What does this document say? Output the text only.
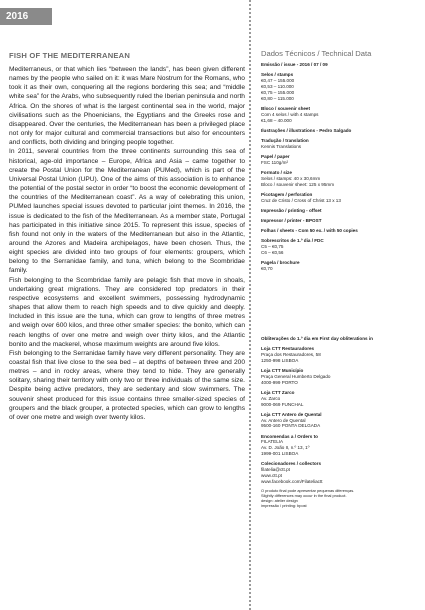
2016
FISH OF THE MEDITERRANEAN

Mediterraneus, or that which lies “between the lands”, has been given different names by the people who sailed on it: it was Mare Nostrum for the Romans, who took it as their own, conquering all the regions bordering this sea; and “middle white sea” for the Arabs, who subsequently ruled the Iberian peninsula and north Africa. On the shores of what is the largest continental sea in the world, major civilisations such as the Phoenicians, the Egyptians and the Greeks rose and disappeared. Over the centuries, the Mediterranean has been a privileged place not only for major cultural and commercial transactions but also for encounters and conflicts, both dividing and bringing people together.

In 2011, several countries from the three continents surrounding this sea of historical, age-old importance – Europe, Africa and Asia – came together to create the Postal Union for the Mediterranean (PUMed), which is part of the Universal Postal Union (UPU). One of the aims of this association is to enhance the potential of the postal sector in order “to boost the economic development of the countries of the Mediterranean coast”. As a way of celebrating this union, PUMed launches special issues devoted to particular joint themes. In 2016, the issue is dedicated to the fish of the Mediterranean. As a member state, Portugal has participated in this initiative since 2015. To represent this issue, species of fish found not only in the waters of the Mediterranean but also in the Atlantic, around the Azores and Madeira archipelagos, have been chosen. Thus, the eight species are divided into two groups of four elements: groupers, which belong to the Serranidae family, and tuna, which belong to the Scombridae family.

Fish belonging to the Scombridae family are pelagic fish that move in shoals, undertaking great migrations. They are considered top predators in their respective ecosystems and excellent swimmers, possessing hydrodynamic shapes that allow them to reach high speeds and to dive quickly and deeply. Included in this issue are the tuna, which can grow to lengths of three metres and weigh over 600 kilos, and three other smaller species: the bonito, which can reach lengths of over one metre and weigh over thirty kilos, and the Atlantic bonito and the mackerel, whose maximum weights are around five kilos.

Fish belonging to the Serranidae family have very different personality. They are coastal fish that live close to the sea bed – at depths of between three and 200 metres – and in rocky areas, where they tend to hide. They are generally solitary, sharing their territory with only two or three individuals of the same size. Despite being active predators, they are sedentary and slow swimmers. The souvenir sheet produced for this issue contains three smaller-sized species of groupers and the black grouper, a protected species, which can grow to lengths of over one metre and weigh over twenty kilos.

Dados Técnicos / Technical Data
Emissão / issue - 2016 / 07 / 09
Selos / stamps
€0,47 – 155.000
€0,53 – 110.000
€0,75 – 155.000
€0,80 – 115.000
Bloco / souvenir sheet
Com 4 selos / with 4 stamps
€1,68 – 40.000
Ilustrações / illustrations - Pedro Salgado
Tradução / translation
Kennis Translations
Papel / paper
FSC 110g/m²
Formato / size
Selos / stamps: 40 x 30,6mm
Bloco / souvenir sheet: 125 x 95mm
Picotagem / perforation
Cruz de Cristo / Cross of Christ 13 x 13
Impressão / printing - offset
Impressor / printer - BPOST
Folhas / sheets - Com 50 ex. / with 50 copies
Sobrescritos de 1.º dia / FDC
C5 – €0,75
C6 – €0,56
Pagela / brochure
€0,70
Obliterações do 1.º dia em First day obliterations in
Loja CTT Restauradores
Praça dos Restauradores, 58
1250-998 LISBOA
Loja CTT Município
Praça General Humberto Delgado
4000-999 PORTO
Loja CTT Zarco
Av. Zarco
9000-069 FUNCHAL
Loja CTT Antero de Quental
Av. Antero de Quental
9500-160 PONTA DELGADA
Encomendas a / Orders to
FILATELIA
Av. D. João II, n.º 13, 1º
1999-001 LISBOA
Colecionadores / collectors
filatelia@ctt.pt
www.ctt.pt
www.facebook.com/Filateliactt
O produto final pode apresentar pequenas diferenças.
Slightly differences may occur in the final product.
design: atelier design
impressão / printing: bpost
